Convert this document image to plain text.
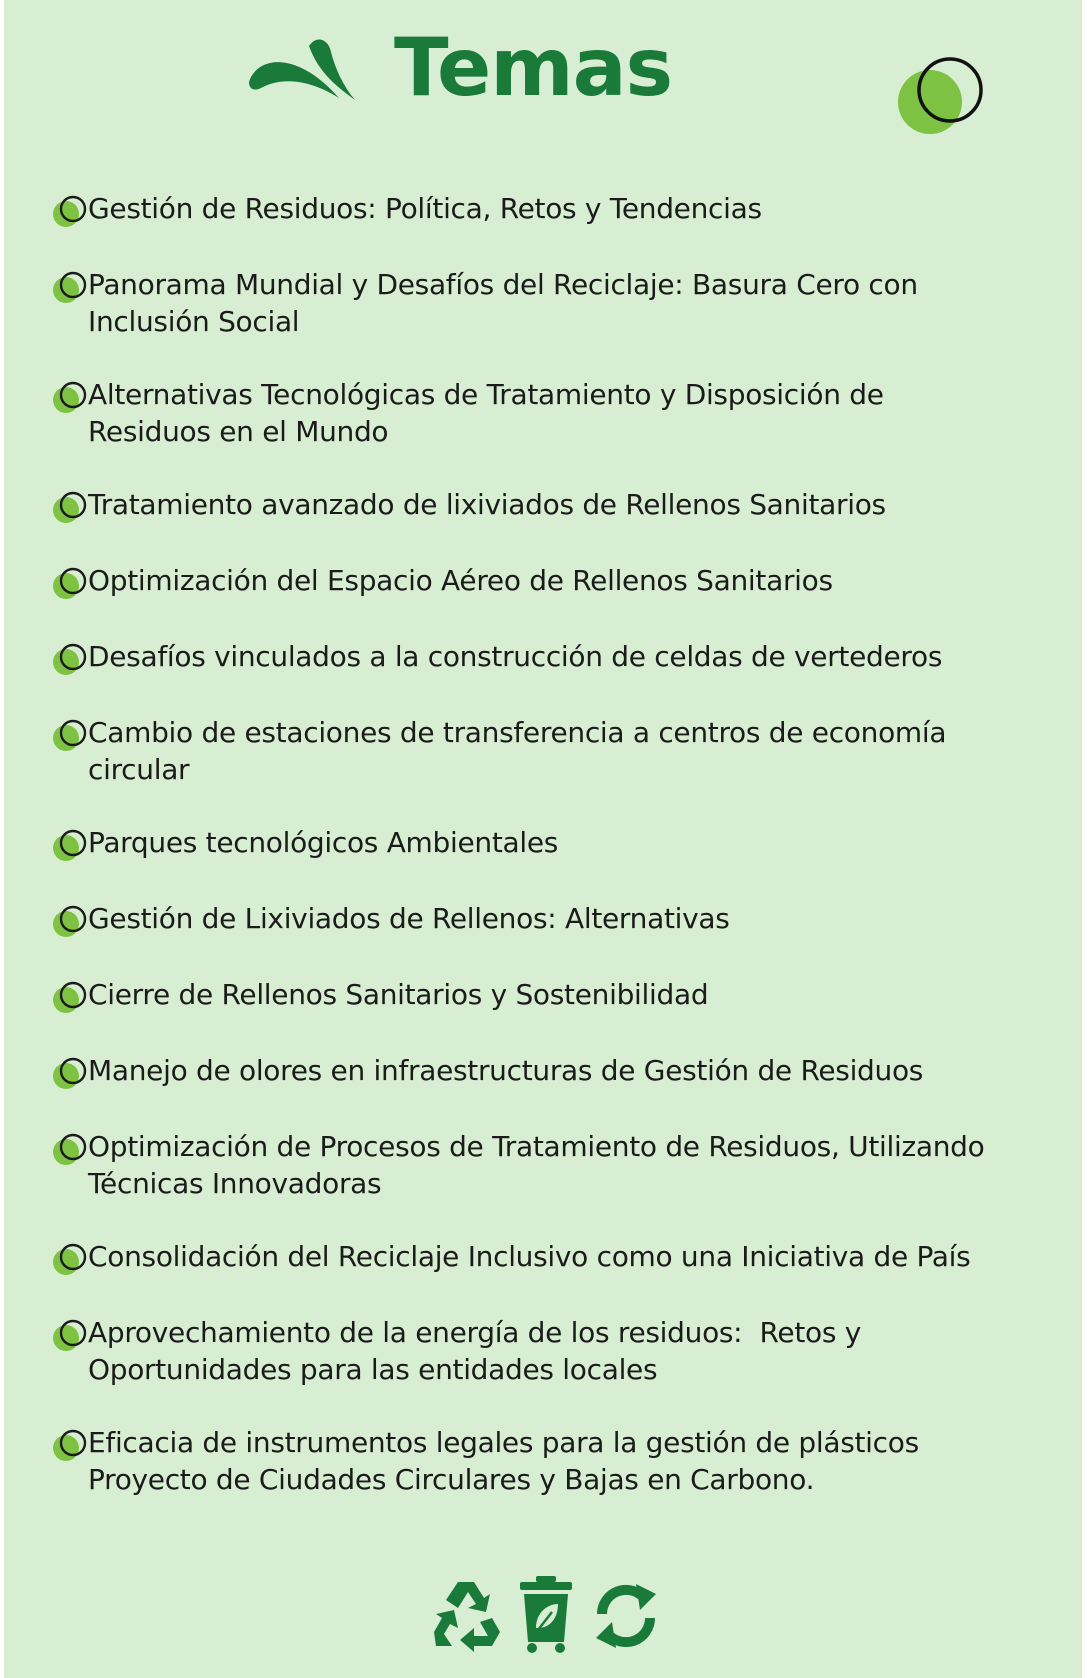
Temas
Gestión de Residuos: Política, Retos y Tendencias
Panorama Mundial y Desafíos del Reciclaje: Basura Cero con
Inclusión Social
Alternativas Tecnológicas de Tratamiento y Disposición de
Residuos en el Mundo
Tratamiento avanzado de lixiviados de Rellenos Sanitarios
Optimización del Espacio Aéreo de Rellenos Sanitarios
Desafíos vinculados a la construcción de celdas de vertederos
Cambio de estaciones de transferencia a centros de economía
circular
Parques tecnológicos Ambientales
Gestión de Lixiviados de Rellenos: Alternativas
Cierre de Rellenos Sanitarios y Sostenibilidad
Manejo de olores en infraestructuras de Gestión de Residuos
Optimización de Procesos de Tratamiento de Residuos, Utilizando
Técnicas Innovadoras
Consolidación del Reciclaje Inclusivo como una Iniciativa de País
Aprovechamiento de la energía de los residuos:  Retos y
Oportunidades para las entidades locales
Eficacia de instrumentos legales para la gestión de plásticos
Proyecto de Ciudades Circulares y Bajas en Carbono.
